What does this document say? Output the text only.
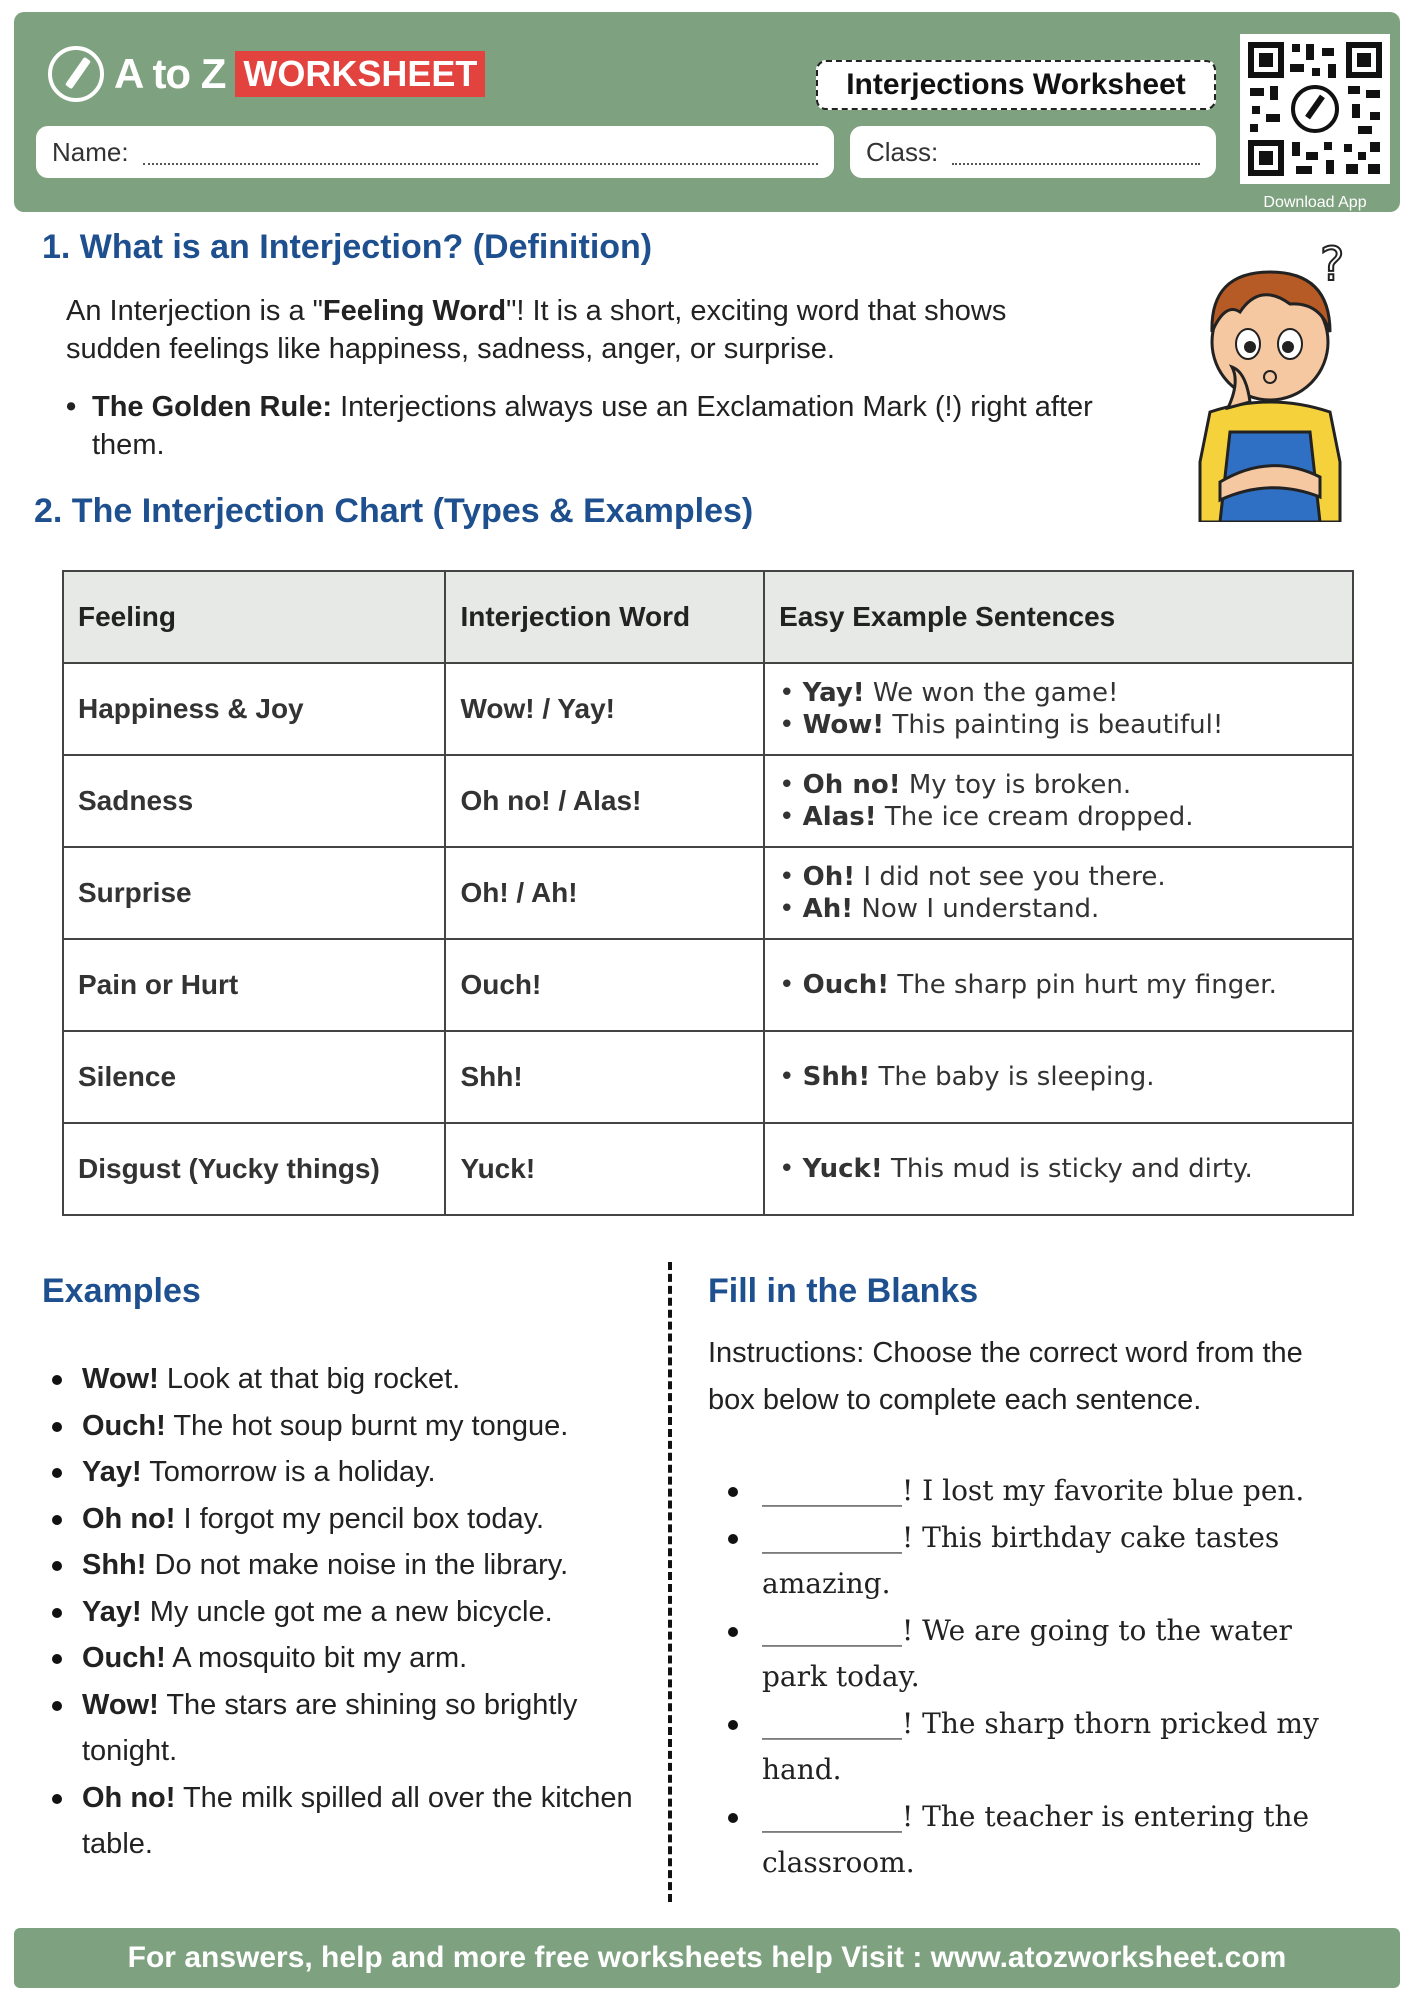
A to Z WORKSHEET	Interjections Worksheet
Name:	Class:
Download App
1. What is an Interjection? (Definition)
An Interjection is a "Feeling Word"! It is a short, exciting word that shows sudden feelings like happiness, sadness, anger, or surprise.
• The Golden Rule: Interjections always use an Exclamation Mark (!) right after them.
?
2. The Interjection Chart (Types & Examples)
Feeling	Interjection Word	Easy Example Sentences
Happiness & Joy	Wow! / Yay!	• Yay! We won the game!
• Wow! This painting is beautiful!

Sadness	Oh no! / Alas!	• Oh no! My toy is broken.
• Alas! The ice cream dropped.

Surprise	Oh! / Ah!	• Oh! I did not see you there.
• Ah! Now I understand.

Pain or Hurt	Ouch!	• Ouch! The sharp pin hurt my finger.

Silence	Shh!	• Shh! The baby is sleeping.

Disgust (Yucky things)	Yuck!	• Yuck! This mud is sticky and dirty.
Examples
Wow! Look at that big rocket.
Ouch! The hot soup burnt my tongue.
Yay! Tomorrow is a holiday.
Oh no! I forgot my pencil box today.
Shh! Do not make noise in the library.
Yay! My uncle got me a new bicycle.
Ouch! A mosquito bit my arm.
Wow! The stars are shining so brightly tonight.
Oh no! The milk spilled all over the kitchen table.
Fill in the Blanks
Instructions: Choose the correct word from the box below to complete each sentence.
__________! I lost my favorite blue pen.
__________! This birthday cake tastes amazing.
__________! We are going to the water park today.
__________! The sharp thorn pricked my hand.
__________! The teacher is entering the classroom.
For answers, help and more free worksheets help Visit : www.atozworksheet.com
